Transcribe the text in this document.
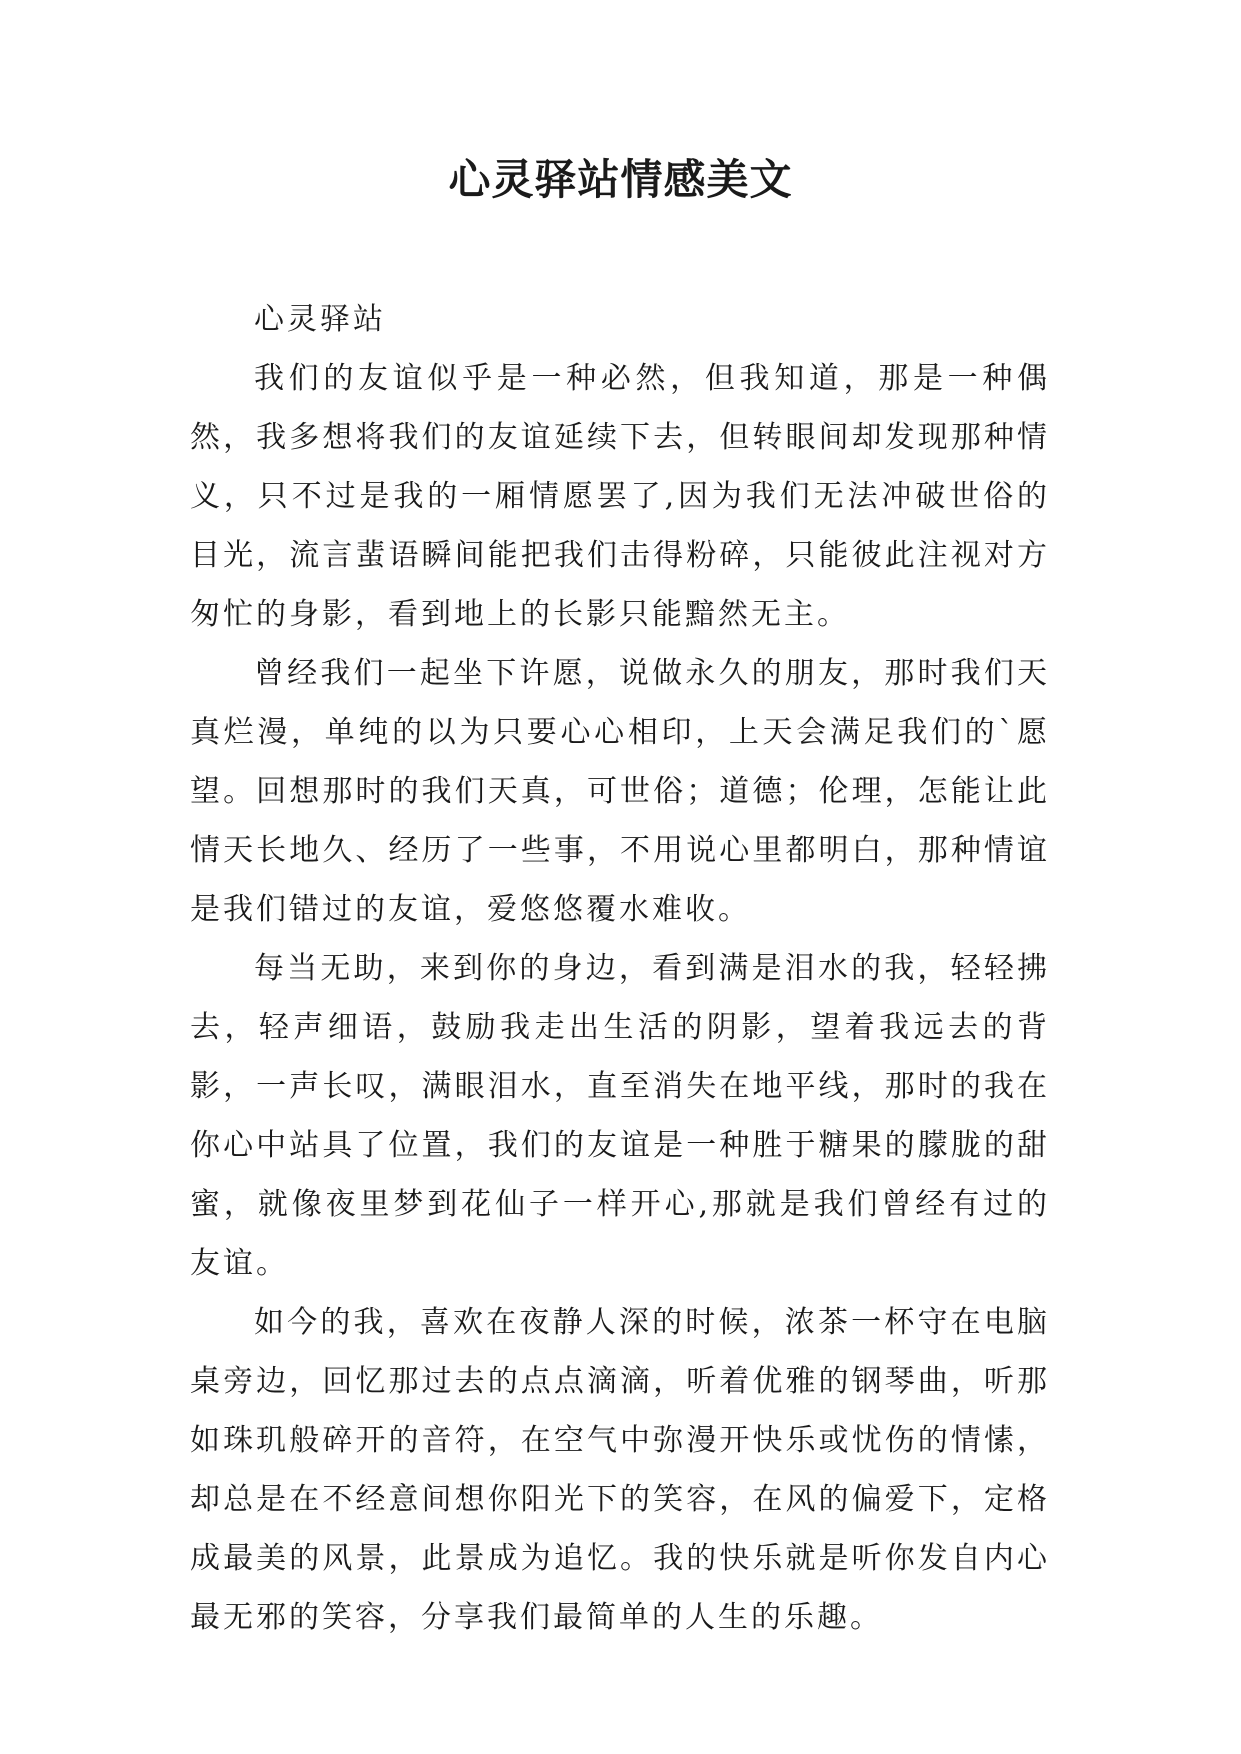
心灵驿站情感美文

心灵驿站

我们的友谊似乎是一种必然，但我知道，那是一种偶然，我多想将我们的友谊延续下去，但转眼间却发现那种情义，只不过是我的一厢情愿罢了,因为我们无法冲破世俗的目光，流言蜚语瞬间能把我们击得粉碎，只能彼此注视对方匆忙的身影，看到地上的长影只能黯然无主。

曾经我们一起坐下许愿，说做永久的朋友，那时我们天真烂漫，单纯的以为只要心心相印，上天会满足我们的`愿望。回想那时的我们天真，可世俗；道德；伦理，怎能让此情天长地久、经历了一些事，不用说心里都明白，那种情谊是我们错过的友谊，爱悠悠覆水难收。

每当无助，来到你的身边，看到满是泪水的我，轻轻拂去，轻声细语，鼓励我走出生活的阴影，望着我远去的背影，一声长叹，满眼泪水，直至消失在地平线，那时的我在你心中站具了位置，我们的友谊是一种胜于糖果的朦胧的甜蜜，就像夜里梦到花仙子一样开心,那就是我们曾经有过的友谊。

如今的我，喜欢在夜静人深的时候，浓茶一杯守在电脑桌旁边，回忆那过去的点点滴滴，听着优雅的钢琴曲，听那如珠玑般碎开的音符，在空气中弥漫开快乐或忧伤的情愫，却总是在不经意间想你阳光下的笑容，在风的偏爱下，定格成最美的风景，此景成为追忆。我的快乐就是听你发自内心最无邪的笑容，分享我们最简单的人生的乐趣。
